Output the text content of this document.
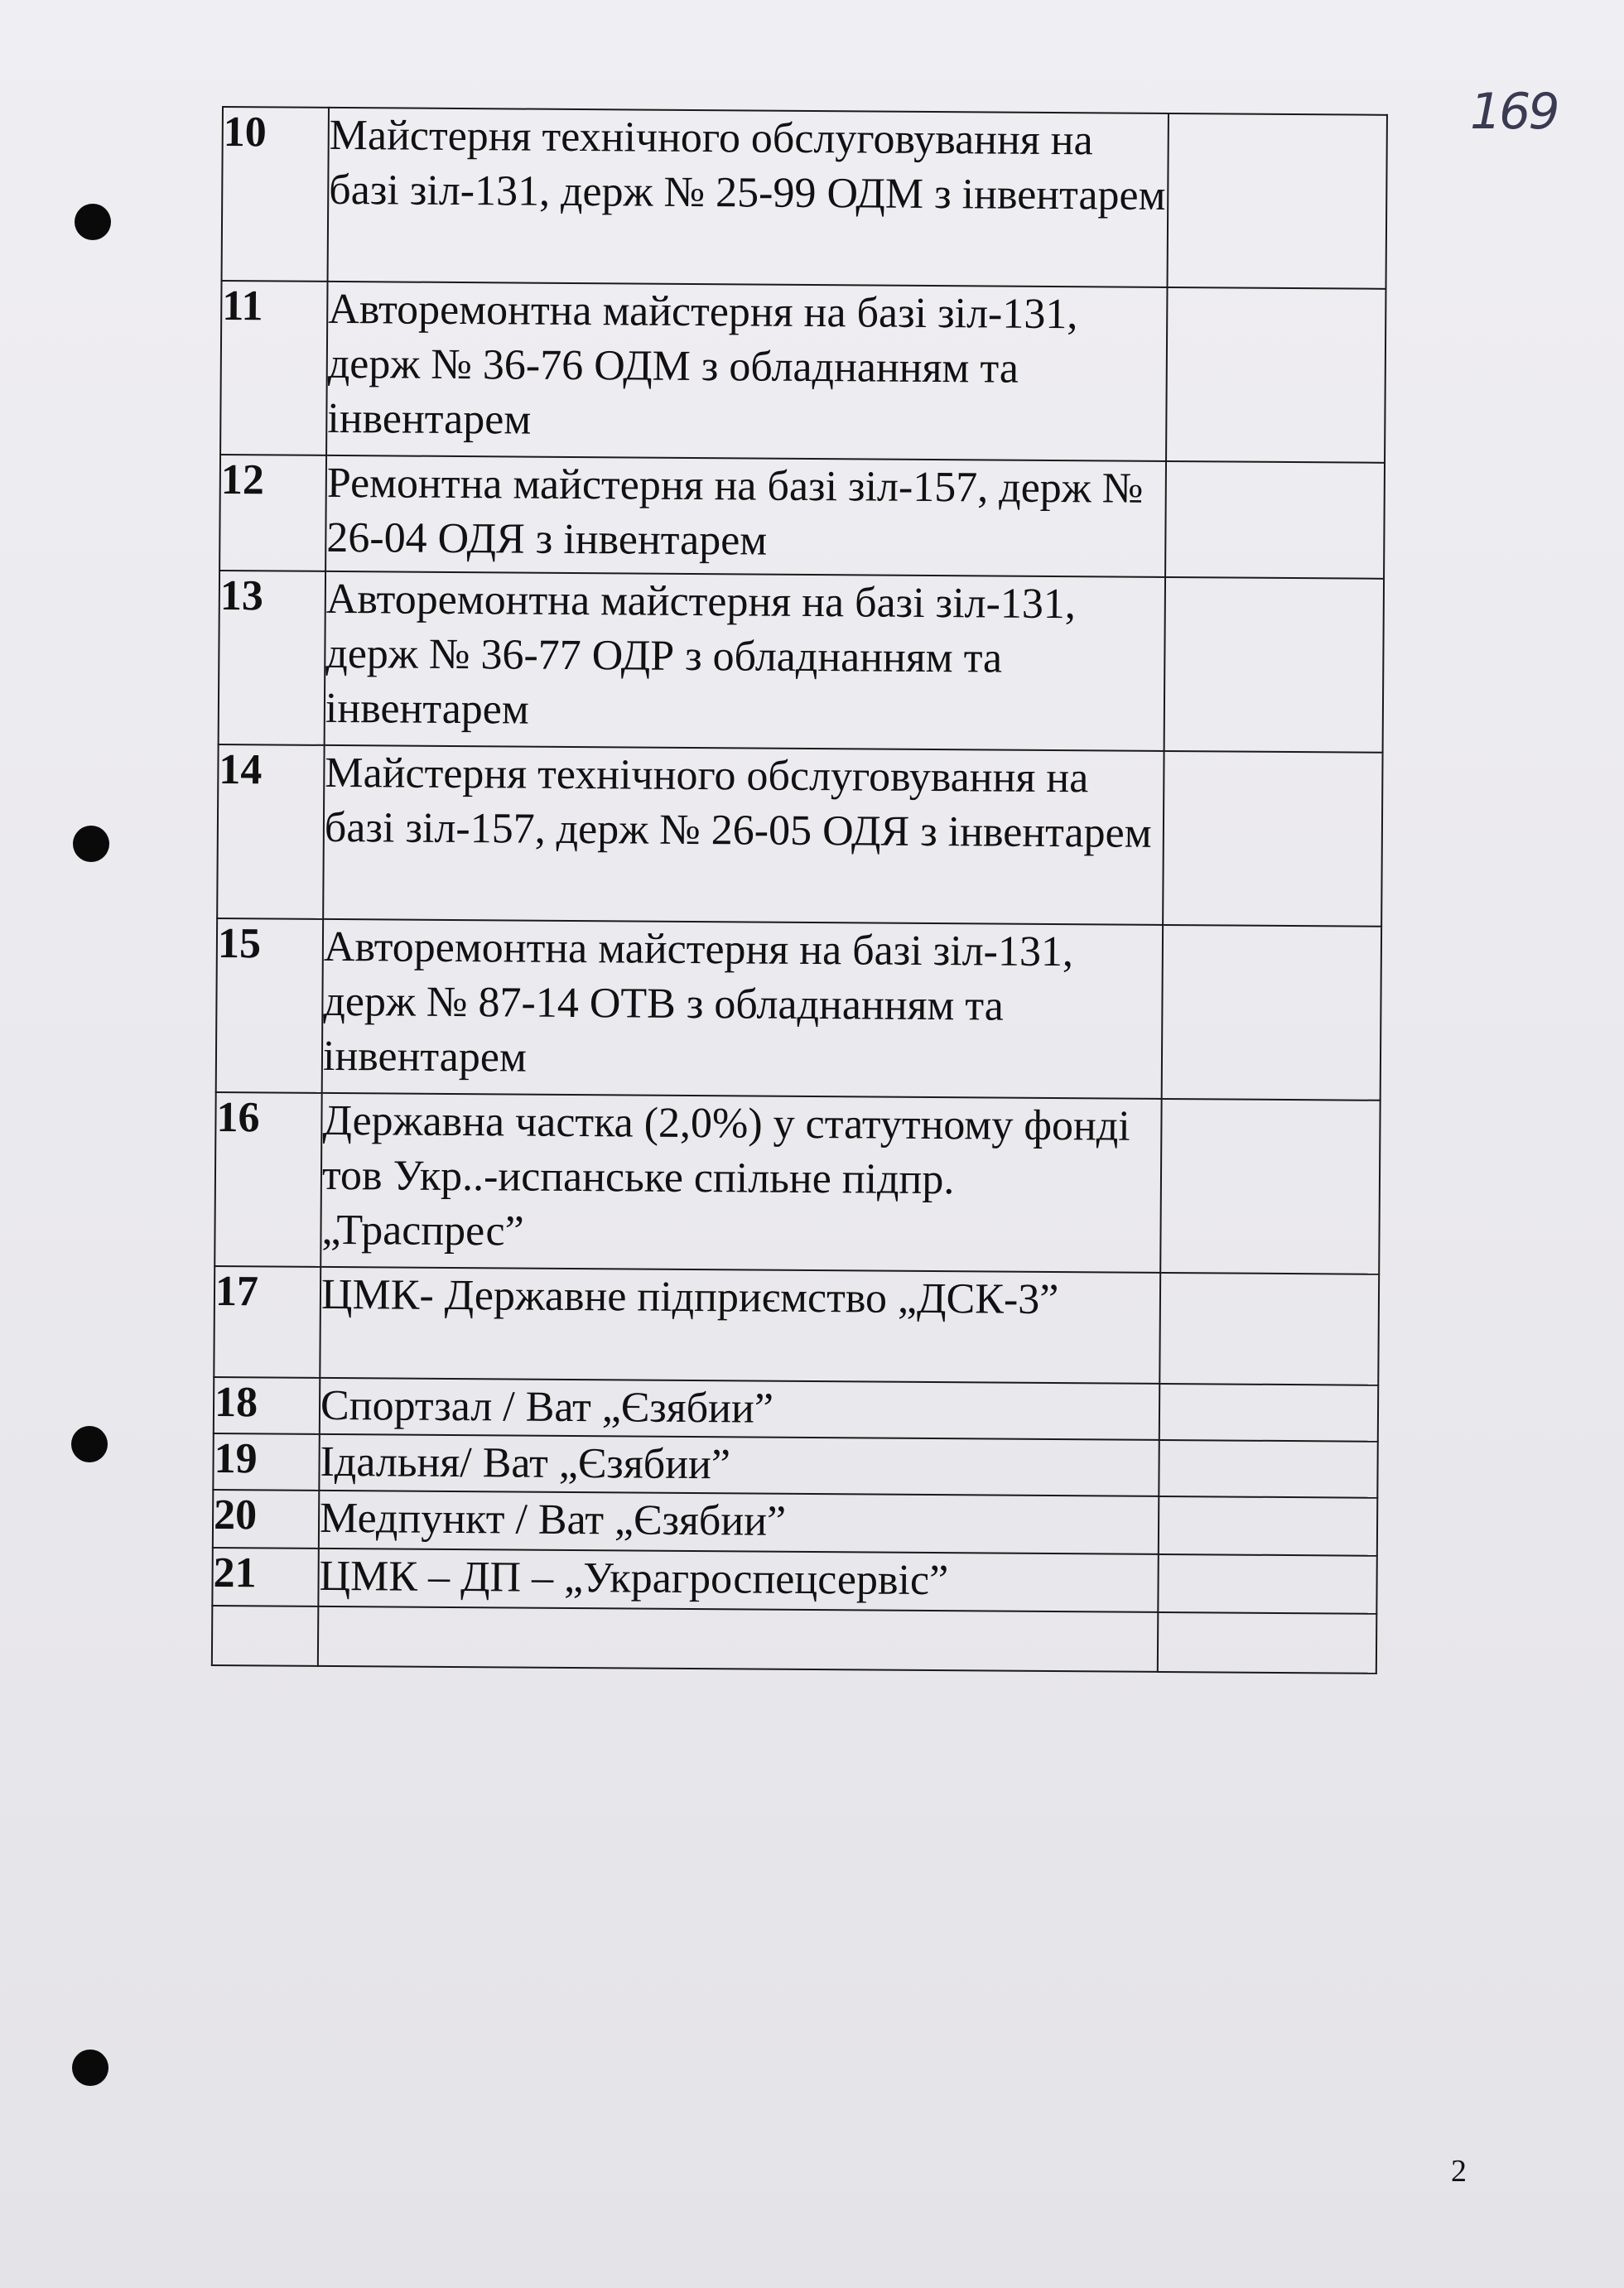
169
10	Майстерня технічного обслуговування на базі зіл-131, держ № 25-99 ОДМ з інвентарем	
11	Авторемонтна майстерня на базі зіл-131, держ № 36-76 ОДМ з обладнанням та інвентарем	
12	Ремонтна майстерня на базі зіл-157, держ № 26-04 ОДЯ з інвентарем	
13	Авторемонтна майстерня на базі зіл-131, держ № 36-77 ОДР з обладнанням та інвентарем	
14	Майстерня технічного обслуговування на базі зіл-157, держ № 26-05 ОДЯ з інвентарем	
15	Авторемонтна майстерня на базі зіл-131, держ № 87-14 ОТВ з обладнанням та інвентарем	
16	Державна частка (2,0%) у статутному фонді тов Укр..-испанське спільне підпр. „Траспрес”	
17	ЦМК- Державне підприємство „ДСК-3”	
18	Спортзал / Ват „Єзябии”	
19	Ідальня/ Ват „Єзябии”	
20	Медпункт / Ват „Єзябии”	
21	ЦМК – ДП – „Украгроспецсервіс”	

2
